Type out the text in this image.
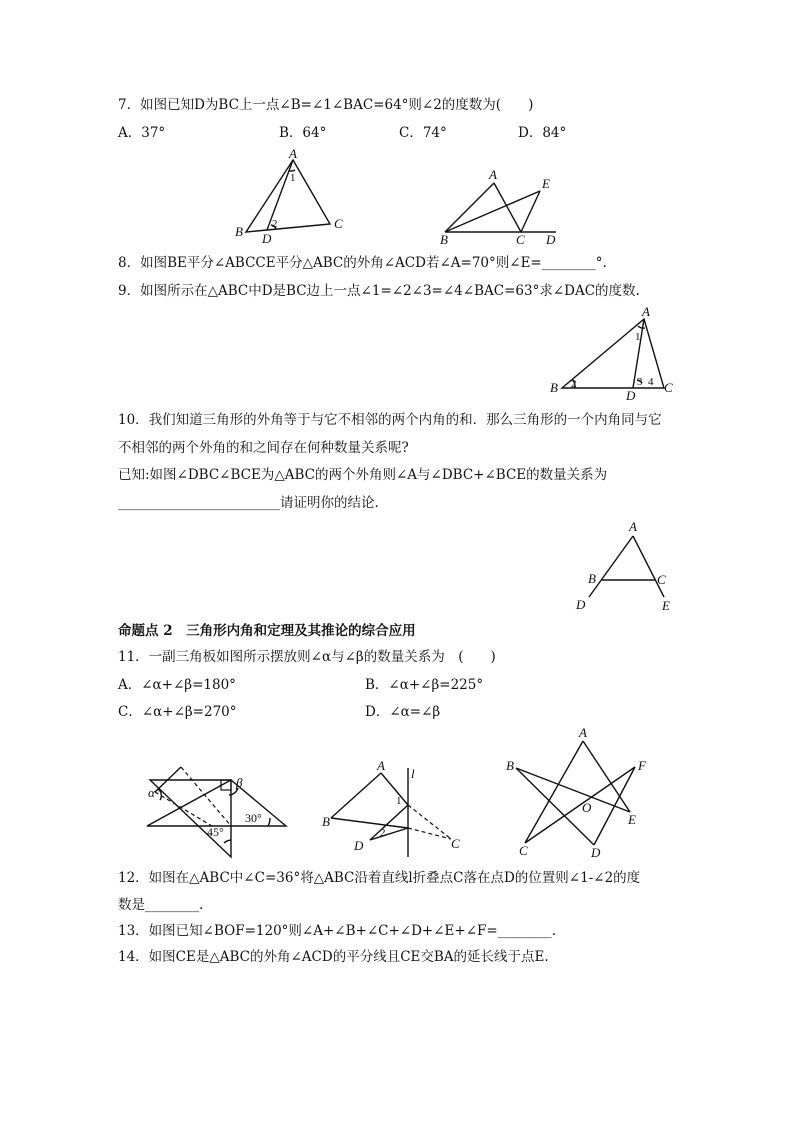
7．如图已知D为BC上一点∠B=∠1∠BAC=64°则∠2的度数为(　　)
A．37°	B．64°	C．74°	D．84°
A
B
C
D
1
2
A
B	C D
E
8．如图BE平分∠ABCCE平分△ABC的外角∠ACD若∠A=70°则∠E=________°.
9．如图所示在△ABC中D是BC边上一点∠1=∠2∠3=∠4∠BAC=63°求∠DAC的度数.
A
B	C
D
1
2	3 4
10．我们知道三角形的外角等于与它不相邻的两个内角的和．那么三角形的一个内角同与它
不相邻的两个外角的和之间存在何种数量关系呢?
已知:如图∠DBC∠BCE为△ABC的两个外角则∠A与∠DBC+∠BCE的数量关系为
________________________请证明你的结论.
A
B	C
D	E
命题点 2　三角形内角和定理及其推论的综合应用
11．一副三角板如图所示摆放则∠α与∠β的数量关系为　(　　)
A．∠α+∠β=180°	B．∠α+∠β=225°
C．∠α+∠β=270°	D．∠α=∠β
α
β
45°
30°
A
B
C
D
l
1
2
A
B
C	D
E
F
O
12．如图在△ABC中∠C=36°将△ABC沿着直线l折叠点C落在点D的位置则∠1-∠2的度
数是________.
13．如图已知∠BOF=120°则∠A+∠B+∠C+∠D+∠E+∠F=________.
14．如图CE是△ABC的外角∠ACD的平分线且CE交BA的延长线于点E.
